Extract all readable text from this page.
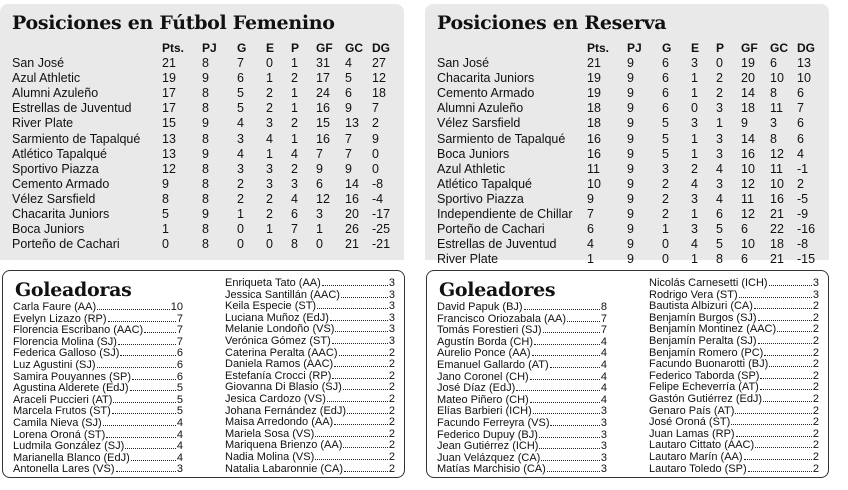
Posiciones en Fútbol Femenino
Pts. PJ G E P GF GC DG
San José	21 8 7 0 1 31 4 27
Azul Athletic	19 9 6 1 2 17 5 12
Alumni Azuleño	17 8 5 2 1 24 6 18
Estrellas de Juventud 17 8 5 2 1 16 9 7
River Plate	15 9 4 3 2 15 13 2
Sarmiento de Tapalqué 13 8 3 4 1 16 7 9
Atlético Tapalqué	13 9 4 1 4 7 7 0
Sportivo Piazza	12 8 3 3 2 9 9 0
Cemento Armado	9	8 2 3 3 6 14 -8
Vélez Sarsfield	8	8 2 2 4 12 16 -4
Chacarita Juniors	5	9 1 2 6 3 20 -17
Boca Juniors	1	8 0 1 7 1 26 -25
Porteño de Cachari	0	8 0 0 8 0 21 -21
Posiciones en Reserva
Pts. PJ G E P GF GC DG
San José	21 9 6 3 0 19 6 13
Chacarita Juniors	19 9 6 1 2 20 10 10
Cemento Armado	19 9 6 1 2 14 8 6
Alumni Azuleño	18 9 6 0 3 18 11 7
Vélez Sarsfield	18 9 5 3 1 9 3 6
Sarmiento de Tapalqué 16 9 5 1 3 14 8 6
Boca Juniors	16 9 5 1 3 16 12 4
Azul Athletic	11 9 3 2 4 10 11 -1
Atlético Tapalqué	10 9 2 4 3 12 10 2
Sportivo Piazza	9	9 2 3 4 11 16 -5
Independiente de Chillar 7	9 2 1 6 12 21 -9
Porteño de Cachari	6	9 1 3 5 6 22 -16
Estrellas de Juventud 4	9 0 4 5 10 18 -8
River Plate	1	9 0 1 8 6 21 -15
Goleadoras
Carla Faure (AA)	10
Evelyn Lizazo (RP)	7
Florencia Escribano (AAC)	7
Florencia Molina (SJ)	7
Federica Galloso (SJ)	6
Luz Agustini (SJ)	6
Samira Pouyannes (SP)	6
Agustina Alderete (EdJ)	5
Araceli Puccieri (AT)	5
Marcela Frutos (ST)	5
Camila Nieva (SJ)	4
Lorena Oroná (ST)	4
Ludmila González (SJ)	4
Marianella Blanco (EdJ)	4
Antonella Lares (VS)	3
Enriqueta Tato (AA)	3
Jessica Santillán (AAC)	3
Keila Especie (ST)	3
Luciana Muñoz (EdJ)	3
Melanie Londoño (VS)	3
Verónica Gómez (ST)	3
Caterina Peralta (AAC)	2
Daniela Ramos (AAC)	2
Estefanía Crocci (RP)	2
Giovanna Di Blasio (SJ)	2
Jesica Cardozo (VS)	2
Johana Fernández (EdJ)	2
Maisa Arredondo (AA)	2
Mariela Sosa (VS)	2
Mariquena Brienzo (AA)	2
Nadia Molina (VS)	2
Natalia Labaronnie (CA)	2
Goleadores
David Papuk (BJ)	8
Francisco Oriozabala (AA)	7
Tomás Forestieri (SJ)	7
Agustín Borda (CH)	4
Aurelio Ponce (AA)	4
Emanuel Gallardo (AT)	4
Jano Coronel (CH)	4
José Díaz (EdJ)	4
Mateo Piñero (CH)	4
Elías Barbieri (ICH)	3
Facundo Ferreyra (VS)	3
Federico Dupuy (BJ)	3
Jean Gutiérrez (ICH)	3
Juan Velázquez (CA)	3
Matías Marchisio (CA)	3
Nicolás Carnesetti (ICH)	3
Rodrigo Vera (ST)	3
Bautista Albizuri (CA)	2
Benjamín Burgos (SJ)	2
Benjamín Montinez (AAC)	2
Benjamín Peralta (SJ)	2
Benjamín Romero (PC)	2
Facundo Buonarotti (BJ)	2
Federico Taborda (SP)	2
Felipe Echeverría (AT)	2
Gastón Gutiérrez (EdJ)	2
Genaro País (AT)	2
José Oroná (ST)	2
Juan Lamas (RP)	2
Lautaro Cittato (AAC)	2
Lautaro Marín (AA)	2
Lautaro Toledo (SP)	2
